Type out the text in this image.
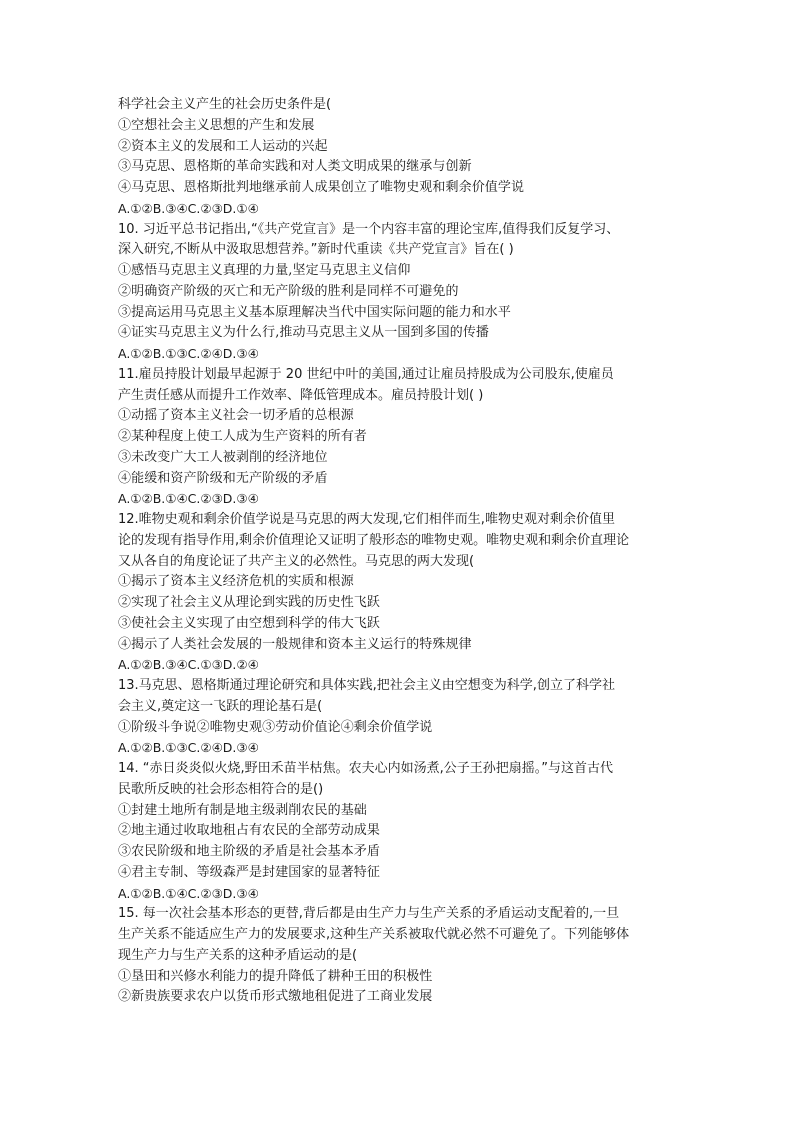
科学社会主义产生的社会历史条件是(
①空想社会主义思想的产生和发展
②资本主义的发展和工人运动的兴起
③马克思、恩格斯的革命实践和对人类文明成果的继承与创新
④马克思、恩格斯批判地继承前人成果创立了唯物史观和剩余价值学说
A.①②B.③④C.②③D.①④
10. 习近平总书记指出,“《共产党宣言》是一个内容丰富的理论宝库,值得我们反复学习、
深入研究,不断从中汲取思想营养。”新时代重读《共产党宣言》旨在( )
①感悟马克思主义真理的力量,坚定马克思主义信仰
②明确资产阶级的灭亡和无产阶级的胜利是同样不可避免的
③提高运用马克思主义基本原理解决当代中国实际问题的能力和水平
④证实马克思主义为什么行,推动马克思主义从一国到多国的传播
A.①②B.①③C.②④D.③④
11.雇员持股计划最早起源于 20 世纪中叶的美国,通过让雇员持股成为公司股东,使雇员
产生责任感从而提升工作效率、降低管理成本。雇员持股计划( )
①动摇了资本主义社会一切矛盾的总根源
②某种程度上使工人成为生产资料的所有者
③未改变广大工人被剥削的经济地位
④能缓和资产阶级和无产阶级的矛盾
A.①②B.①④C.②③D.③④
12.唯物史观和剩余价值学说是马克思的两大发现,它们相伴而生,唯物史观对剩余价值里
论的发现有指导作用,剩余价值理论又证明了般形态的唯物史观。唯物史观和剩余价直理论
又从各自的角度论证了共产主义的必然性。马克思的两大发现(
①揭示了资本主义经济危机的实质和根源
②实现了社会主义从理论到实践的历史性飞跃
③使社会主义实现了由空想到科学的伟大飞跃
④揭示了人类社会发展的一般规律和资本主义运行的特殊规律
A.①②B.③④C.①③D.②④
13.马克思、恩格斯通过理论研究和具体实践,把社会主义由空想变为科学,创立了科学社
会主义,奠定这一飞跃的理论基石是(
①阶级斗争说②唯物史观③劳动价值论④剩余价值学说
A.①②B.①③C.②④D.③④
14. “赤日炎炎似火烧,野田禾苗半枯焦。农夫心内如汤煮,公子王孙把扇摇。”与这首古代
民歌所反映的社会形态相符合的是()
①封建土地所有制是地主级剥削农民的基础
②地主通过收取地租占有农民的全部劳动成果
③农民阶级和地主阶级的矛盾是社会基本矛盾
④君主专制、等级森严是封建国家的显著特征
A.①②B.①④C.②③D.③④
15. 每一次社会基本形态的更替,背后都是由生产力与生产关系的矛盾运动支配着的,一旦
生产关系不能适应生产力的发展要求,这种生产关系被取代就必然不可避免了。下列能够体
现生产力与生产关系的这种矛盾运动的是(
①垦田和兴修水利能力的提升降低了耕种王田的积极性
②新贵族要求农户以货币形式缴地租促进了工商业发展
